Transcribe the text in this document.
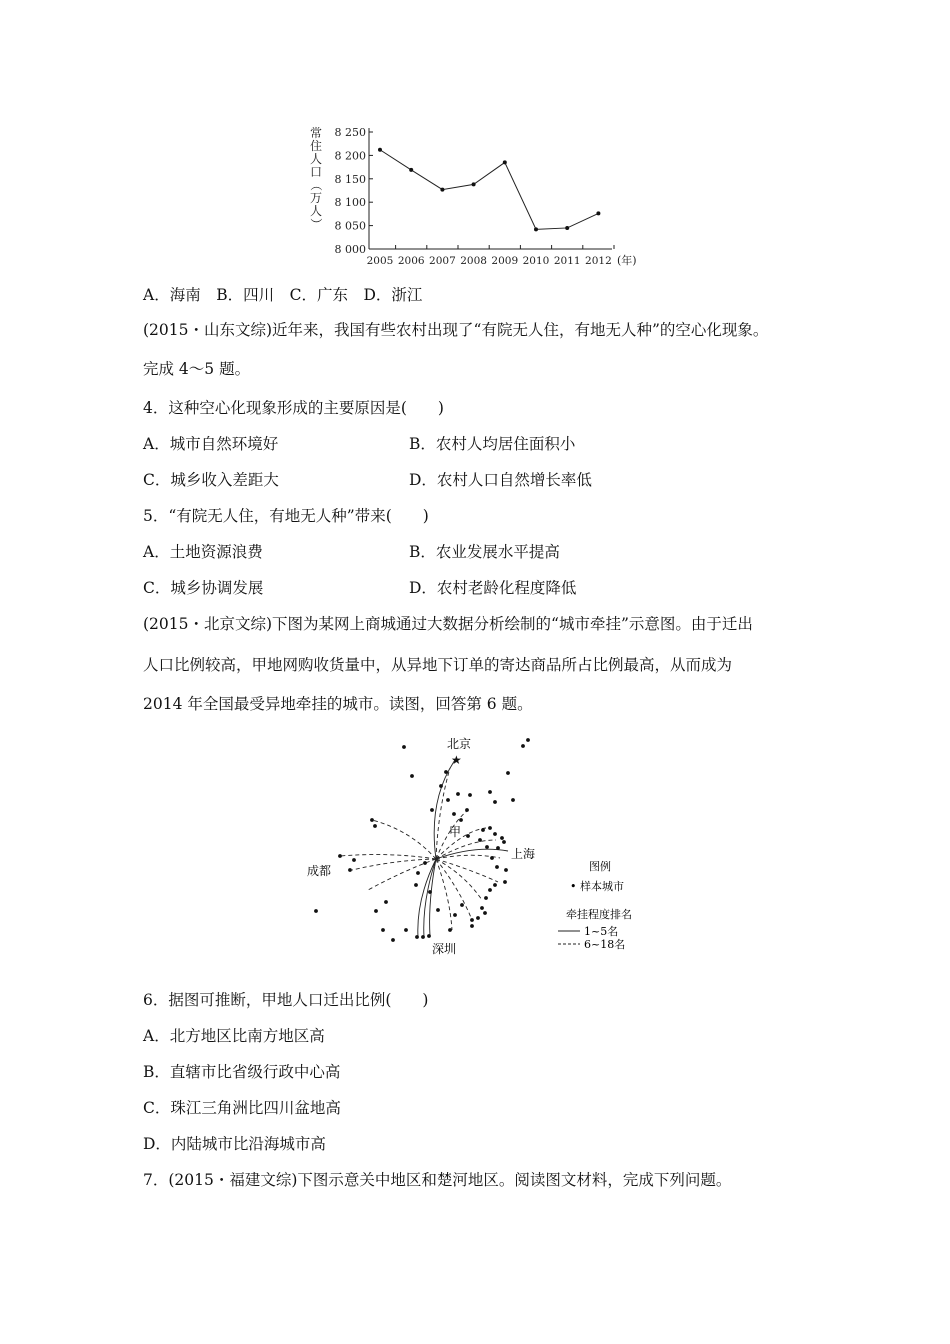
常
住
人
口
（
万
人
）
8 250
8 200
8 150
8 100
8 050
8 000
2005 2006 2007 2008 2009 2010 2011 2012 (年)
A．海南　B．四川　C．广东　D．浙江
(2015・山东文综)近年来，我国有些农村出现了“有院无人住，有地无人种”的空心化现象。
完成 4～5 题。
4．这种空心化现象形成的主要原因是(　　)
A．城市自然环境好	B．农村人均居住面积小
C．城乡收入差距大	D．农村人口自然增长率低
5．“有院无人住，有地无人种”带来(　　)
A．土地资源浪费	B．农业发展水平提高
C．城乡协调发展	D．农村老龄化程度降低
(2015・北京文综)下图为某网上商城通过大数据分析绘制的“城市牵挂”示意图。由于迁出
人口比例较高，甲地网购收货量中，从异地下订单的寄达商品所占比例最高，从而成为
2014 年全国最受异地牵挂的城市。读图，回答第 6 题。
★
北京
甲
上海
成都
深圳
图例
• 样本城市
牵挂程度排名
1~5名
6~18名
6．据图可推断，甲地人口迁出比例(　　)
A．北方地区比南方地区高
B．直辖市比省级行政中心高
C．珠江三角洲比四川盆地高
D．内陆城市比沿海城市高
7．(2015・福建文综)下图示意关中地区和楚河地区。阅读图文材料，完成下列问题。
